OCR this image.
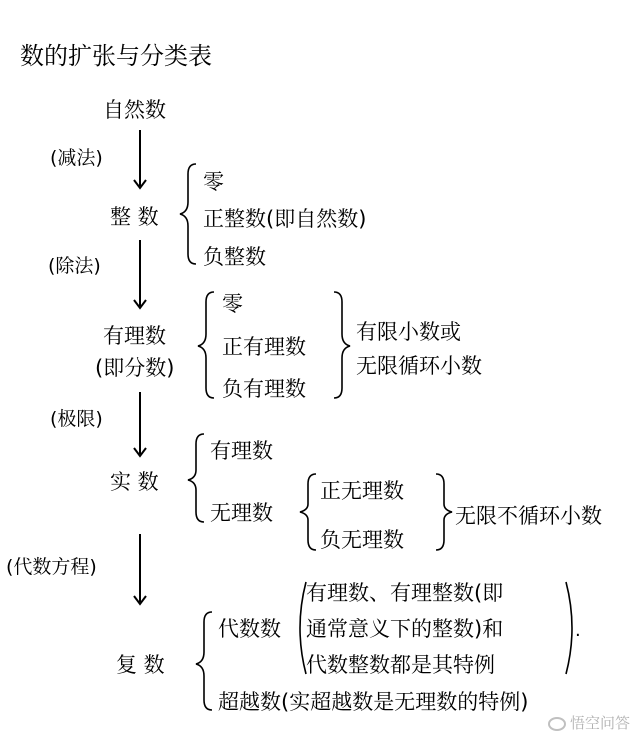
数的扩张与分类表
自然数
(减法)
整 数
(除法)
有理数
(即分数)
(极限)
实 数
(代数方程)
复 数
零
正整数(即自然数)
负整数
零
正有理数
负有理数
有限小数或
无限循环小数
有理数
无理数
正无理数
负无理数
无限不循环小数
代数数
有理数、有理整数(即
通常意义下的整数)和
代数整数都是其特例
超越数(实超越数是无理数的特例)
.
悟空问答
